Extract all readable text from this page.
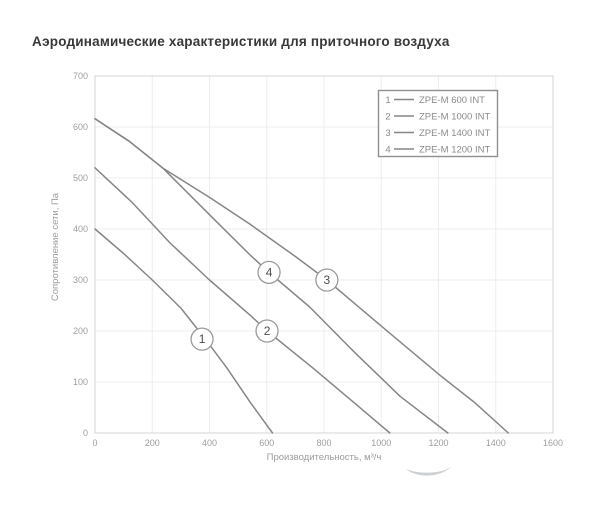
Аэродинамические характеристики для приточного воздуха
1
2
3
4
0
100
200
300
400
500
600
700
0	200	400	600	800	1000	1200	1400	1600
1	ZPE-M 600 INT
2	ZPE-M 1000 INT
3	ZPE-M 1400 INT
4	ZPE-M 1200 INT
Производительность, м³/ч
Сопротивление сети, Па
